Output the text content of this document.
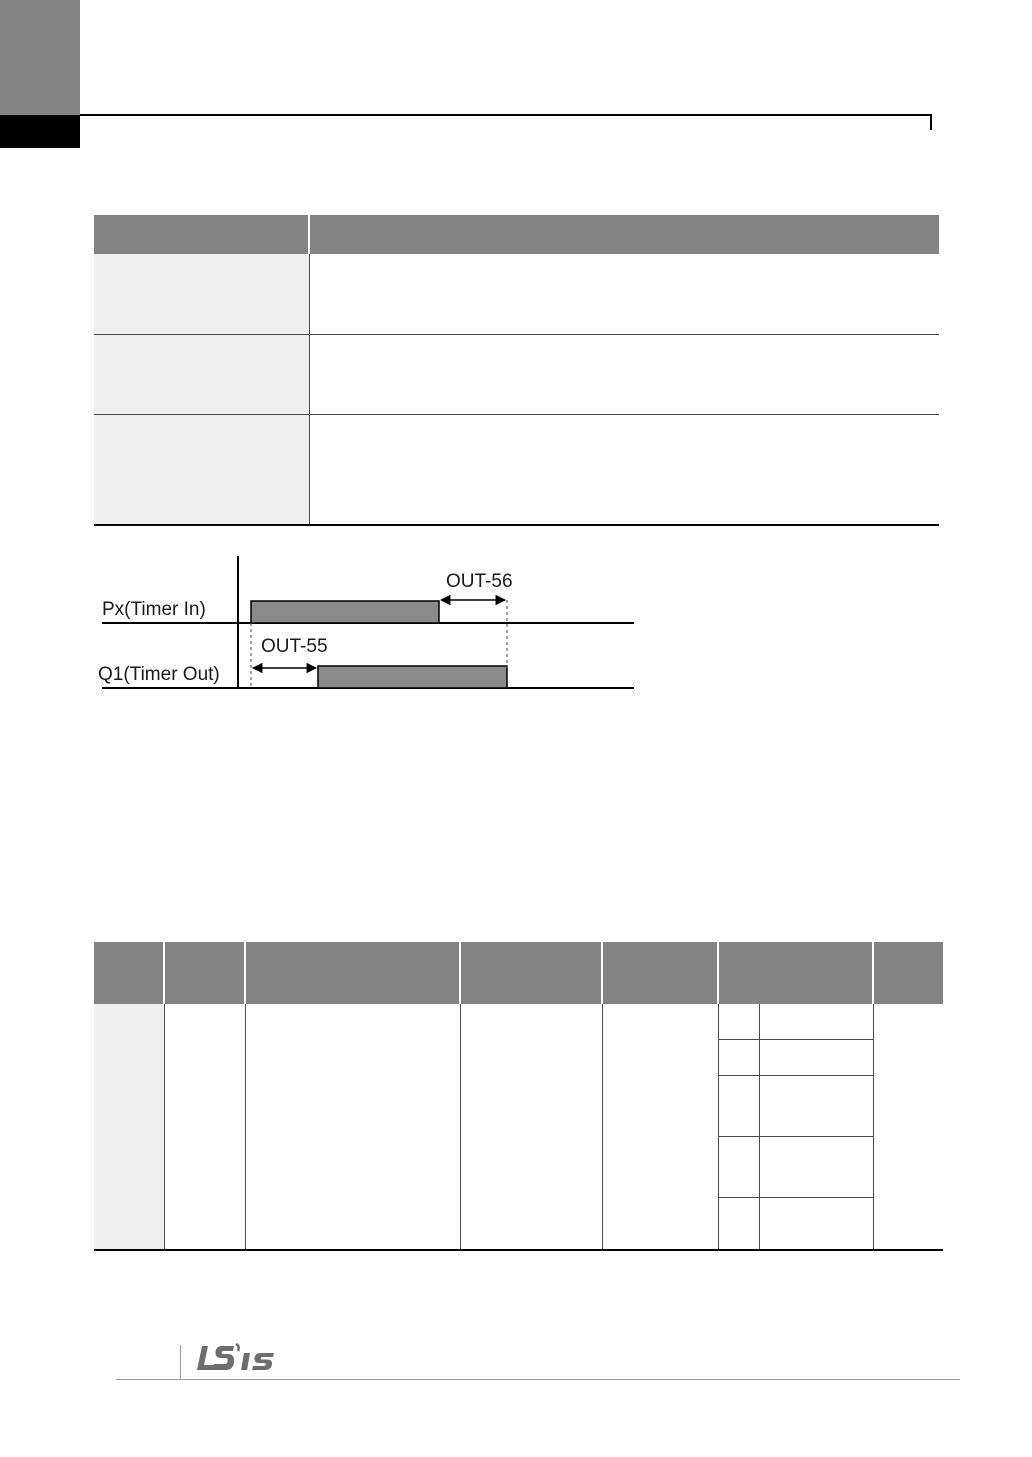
Px(Timer In)
Q1(Timer Out)
OUT-55
OUT-56
